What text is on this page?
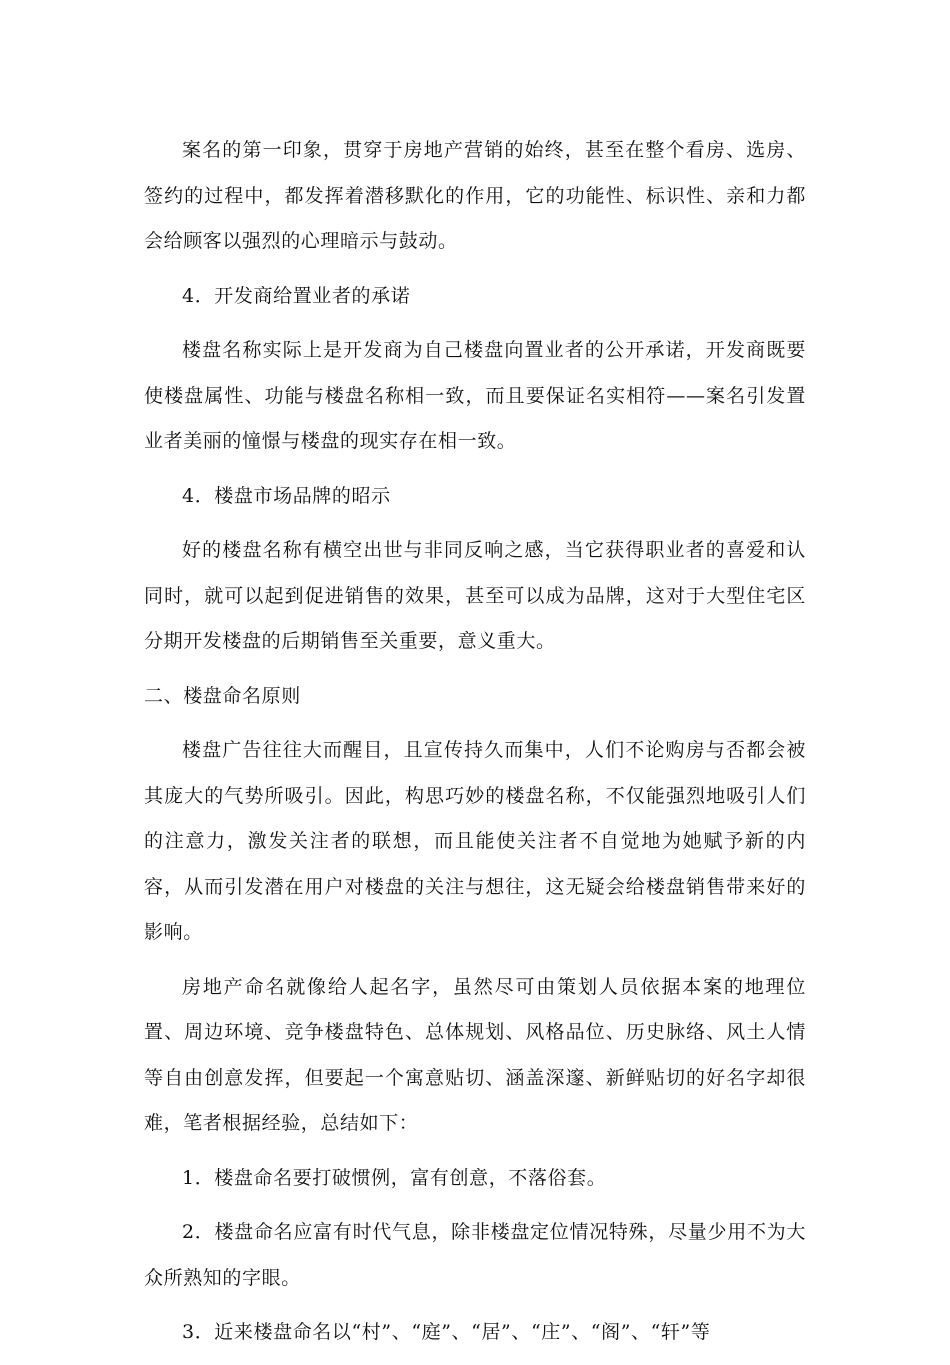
案名的第一印象，贯穿于房地产营销的始终，甚至在整个看房、选房、签约的过程中，都发挥着潜移默化的作用，它的功能性、标识性、亲和力都会给顾客以强烈的心理暗示与鼓动。

4．开发商给置业者的承诺

楼盘名称实际上是开发商为自己楼盘向置业者的公开承诺，开发商既要使楼盘属性、功能与楼盘名称相一致，而且要保证名实相符——案名引发置业者美丽的憧憬与楼盘的现实存在相一致。

4．楼盘市场品牌的昭示

好的楼盘名称有横空出世与非同反响之感，当它获得职业者的喜爱和认同时，就可以起到促进销售的效果，甚至可以成为品牌，这对于大型住宅区分期开发楼盘的后期销售至关重要，意义重大。

二、楼盘命名原则

楼盘广告往往大而醒目，且宣传持久而集中，人们不论购房与否都会被其庞大的气势所吸引。因此，构思巧妙的楼盘名称，不仅能强烈地吸引人们的注意力，激发关注者的联想，而且能使关注者不自觉地为她赋予新的内容，从而引发潜在用户对楼盘的关注与想往，这无疑会给楼盘销售带来好的影响。

房地产命名就像给人起名字，虽然尽可由策划人员依据本案的地理位置、周边环境、竞争楼盘特色、总体规划、风格品位、历史脉络、风土人情等自由创意发挥，但要起一个寓意贴切、涵盖深邃、新鲜贴切的好名字却很难，笔者根据经验，总结如下：

1．楼盘命名要打破惯例，富有创意，不落俗套。

2．楼盘命名应富有时代气息，除非楼盘定位情况特殊，尽量少用不为大众所熟知的字眼。

3．近来楼盘命名以“村”、“庭”、“居”、“庄”、“阁”、“轩”等
